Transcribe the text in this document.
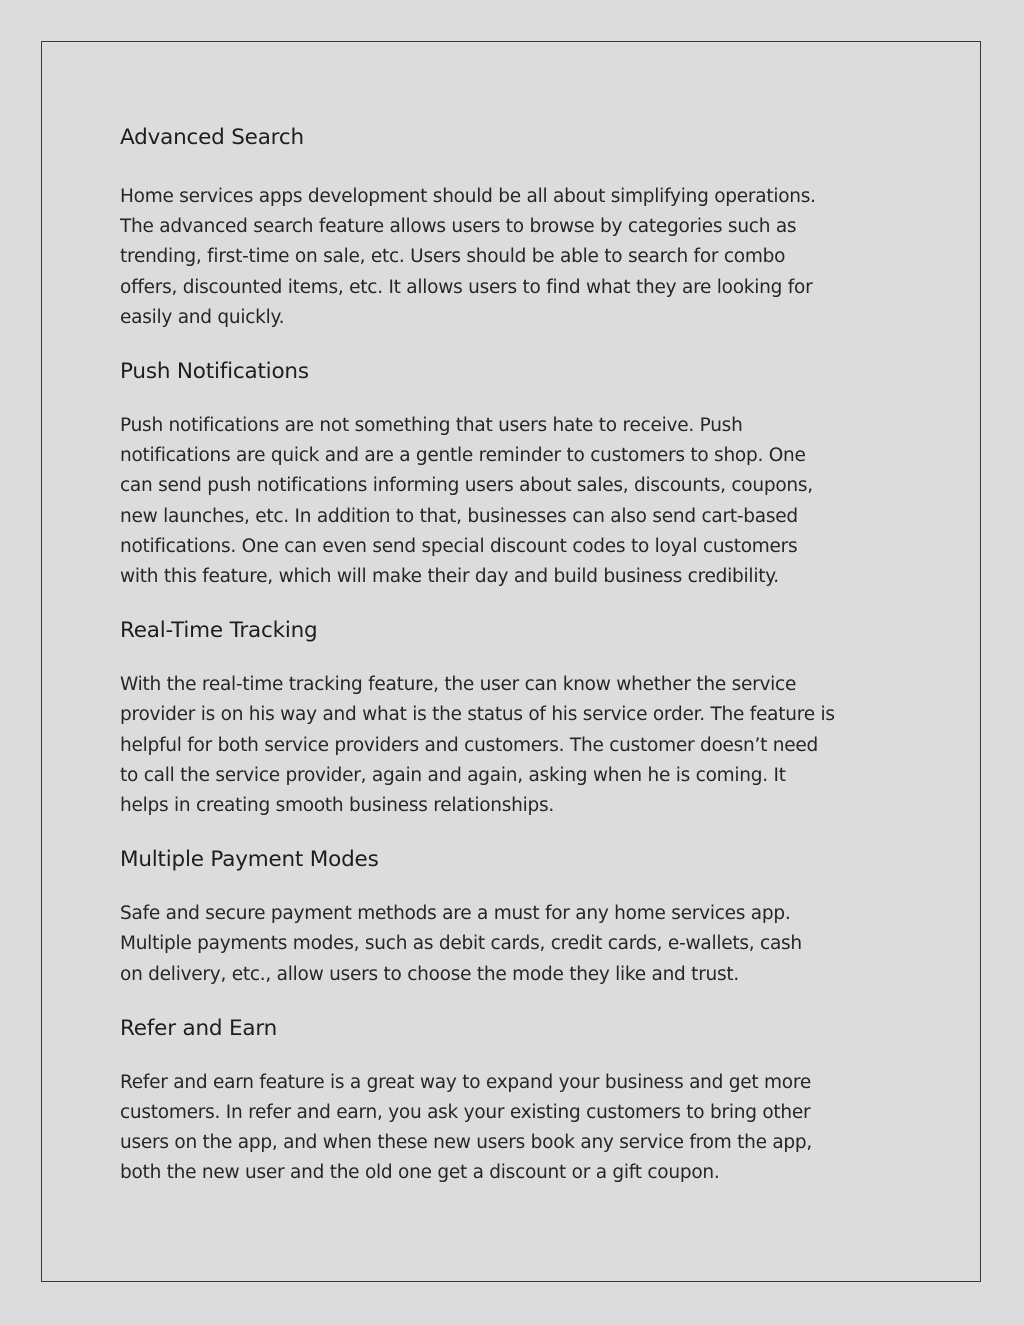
Advanced Search

Home services apps development should be all about simplifying operations.
The advanced search feature allows users to browse by categories such as
trending, first-time on sale, etc. Users should be able to search for combo
offers, discounted items, etc. It allows users to find what they are looking for
easily and quickly.

Push Notifications

Push notifications are not something that users hate to receive. Push
notifications are quick and are a gentle reminder to customers to shop. One
can send push notifications informing users about sales, discounts, coupons,
new launches, etc. In addition to that, businesses can also send cart-based
notifications. One can even send special discount codes to loyal customers
with this feature, which will make their day and build business credibility.

Real-Time Tracking

With the real-time tracking feature, the user can know whether the service
provider is on his way and what is the status of his service order. The feature is
helpful for both service providers and customers. The customer doesn’t need
to call the service provider, again and again, asking when he is coming. It
helps in creating smooth business relationships.

Multiple Payment Modes

Safe and secure payment methods are a must for any home services app.
Multiple payments modes, such as debit cards, credit cards, e-wallets, cash
on delivery, etc., allow users to choose the mode they like and trust.

Refer and Earn

Refer and earn feature is a great way to expand your business and get more
customers. In refer and earn, you ask your existing customers to bring other
users on the app, and when these new users book any service from the app,
both the new user and the old one get a discount or a gift coupon.
